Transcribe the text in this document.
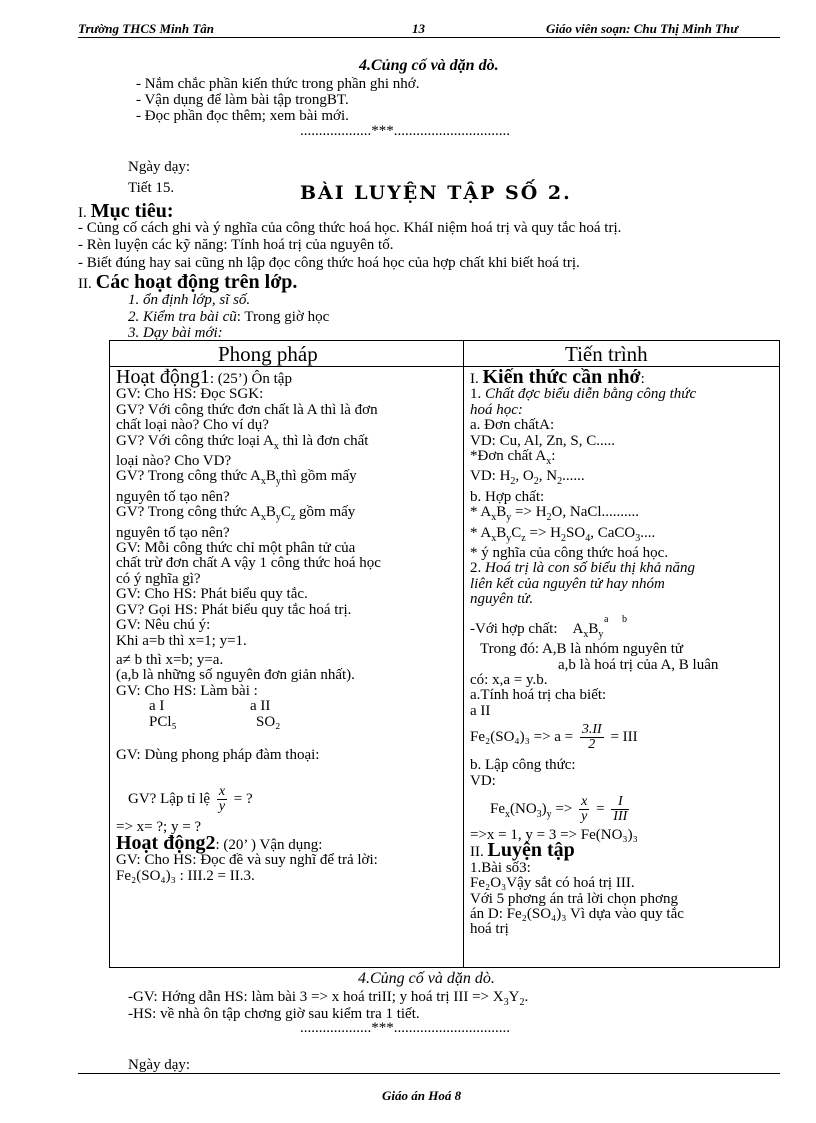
Trường THCS Minh Tân	13	Giáo viên soạn: Chu Thị Minh Thư
4.Củng cố và dặn dò.
- Nắm chắc phần kiến thức trong phần ghi nhớ.
- Vận dụng để làm bài tập trongBT.
- Đọc phần đọc thêm; xem bài mới.
...................***...............................
Ngày dạy:
Tiết 15.	BÀI LUYỆN TẬP SỐ 2.
I. Mục tiêu:
- Củng cố cách ghi và ý nghĩa của công thức hoá học. KháI niệm hoá trị và quy tắc hoá trị.
- Rèn luyện các kỹ năng: Tính hoá trị của nguyên tố.
- Biết đúng hay sai cũng nh lập đọc công thức hoá học của hợp chất khi biết hoá trị.
II. Các hoạt động trên lớp.
1. ổn định lớp, sĩ số.
2. Kiểm tra bài cũ: Trong giờ học
3. Dạy bài mới:
Phong pháp	Tiến trình
Hoạt động1: (25’) Ôn tập
GV: Cho HS: Đọc SGK:
GV? Với công thức đơn chất là A thì là đơn
chất loại nào? Cho ví dụ?
GV? Với công thức loại $A_x$ thì là đơn chất
loại nào? Cho VD?
GV? Trong công thức $A_xB_ythì$ gồm mấy
nguyên tố tạo nên?
GV? Trong công thức $A_xB_yC_z$ gồm mấy
nguyên tố tạo nên?
GV: Mỗi công thức chỉ một phân tử của
chất trừ đơn chất A vậy 1 công thức hoá học
có ý nghĩa gì?
GV: Cho HS: Phát biểu quy tắc.
GV? Gọi HS: Phát biểu quy tắc hoá trị.
GV: Nêu chú ý:
Khi a=b thì x=1; y=1.
a≠ b thì x=b; y=a.
(a,b là những số nguyên đơn giản nhất).
GV: Cho HS: Làm bài :
a I	a II
PCl₅	SO₂
GV: Dùng phong pháp đàm thoại:
GV? Lập tỉ lệ $\frac{x}{y}$ = ?
=> x= ?; y = ?
Hoạt động2: (20’ ) Vận dụng:
GV: Cho HS: Đọc đề và suy nghĩ để trả lời:
Fe₂(SO₄)₃ : III.2 = II.3.
I. Kiến thức cần nhớ:
1. Chất đợc biểu diễn bằng công thức
hoá học:
a. Đơn chấtA:
VD: Cu, Al, Zn, S, C.....
*Đơn chất $A_x$:
VD: $H_2$, $O_2$, $N_2$......
b. Hợp chất:
* $A_xB_y => H_2O$, NaCl..........
* $A_xB_yC_z => H_2SO_4$, CaCO$_3$....
* ý nghĩa của công thức hoá học.
2. Hoá trị là con số biểu thị khả năng
liên kết của nguyên tử hay nhóm
nguyên tử.
a b
-Với hợp chất: $A_xB_y$
Trong đó: A,B là nhóm nguyên tử
a,b là hoá trị của A, B luân
có: x,a = y.b.
a.Tính hoá trị cha biết:
a II
$Fe_2(SO_4)_3 => a = \frac{3.II}{2}$ = III
b. Lập công thức:
VD:
$Fe_x(NO_3)_y => \frac{x}{y} = \frac{I}{\text{III}}$
=>x = 1, y = 3 => Fe(NO₃)₃
II. Luyện tập
1.Bài số3:
Fe₂O₃Vậy sắt có hoá trị III.
Với 5 phơng án trả lời chọn phơng
án D: Fe₂(SO₄)₃ Vì dựa vào quy tắc
hoá trị
4.Củng cố và dặn dò.
-GV: Hớng dẫn HS: làm bài 3 => x hoá triII; y hoá trị III => $X_3Y_2$.
-HS: về nhà ôn tập chơng giờ sau kiểm tra 1 tiết.
...................***...............................
Ngày dạy:
Giáo án Hoá 8
